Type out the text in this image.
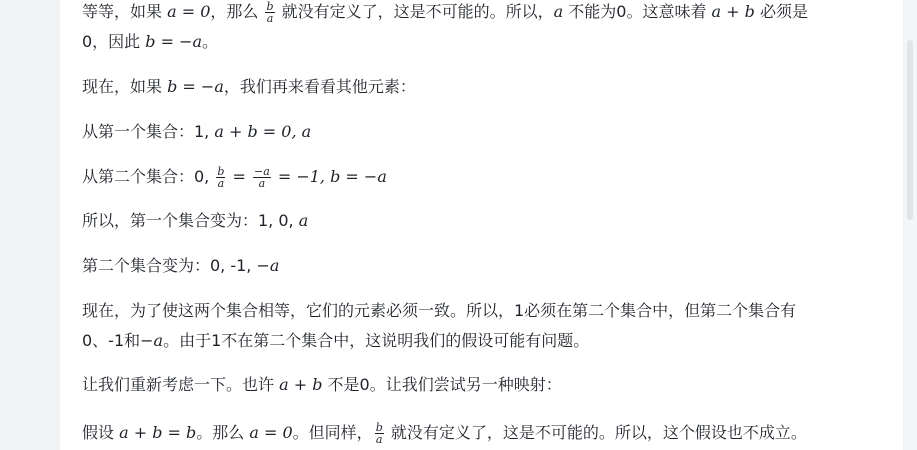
等等，如果 a = 0，那么 $\frac{b}{a}$ 就没有定义了，这是不可能的。所以，a 不能为0。这意味着 a + b 必须是

0，因此 b = −a。

现在，如果 b = −a，我们再来看看其他元素：

从第一个集合：1, a + b = 0, a

从第二个集合：0, $\frac{b}{a} = \frac{-a}{a} = -1$, b = −a

所以，第一个集合变为：1, 0, a

第二个集合变为：0, -1, −a

现在，为了使这两个集合相等，它们的元素必须一致。所以，1必须在第二个集合中，但第二个集合有

0、-1和−a。由于1不在第二个集合中，这说明我们的假设可能有问题。

让我们重新考虑一下。也许 a + b 不是0。让我们尝试另一种映射：

假设 a + b = b。那么 a = 0。但同样， $\frac{b}{a}$ 就没有定义了，这是不可能的。所以，这个假设也不成立。
